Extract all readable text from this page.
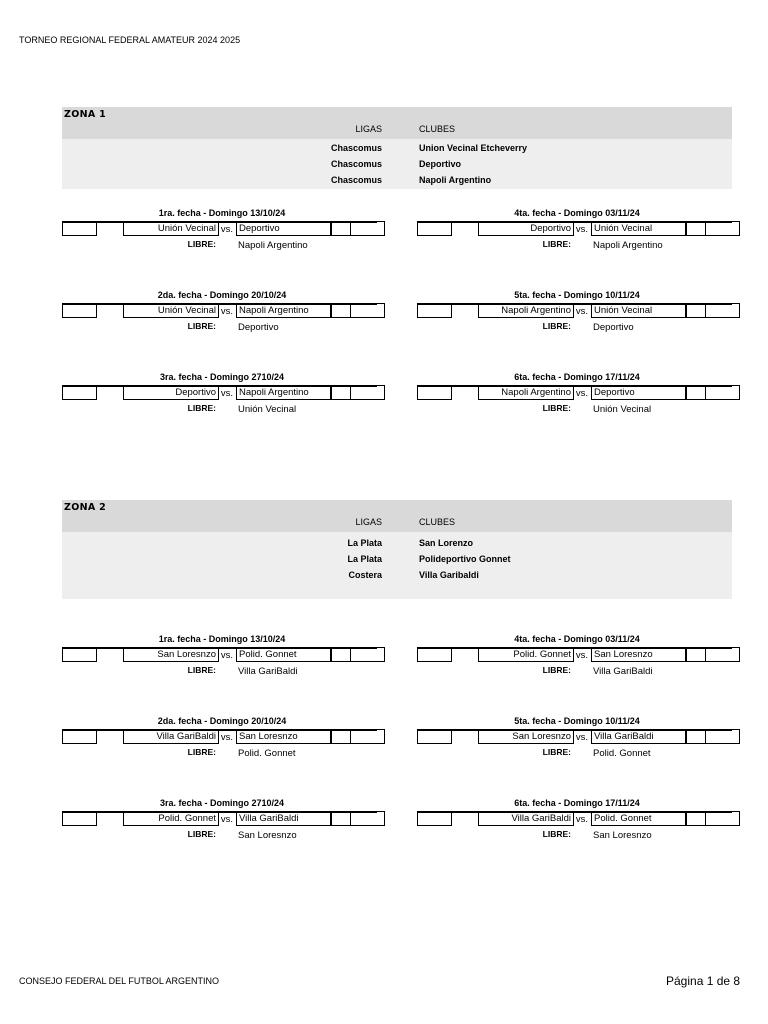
TORNEO REGIONAL FEDERAL AMATEUR 2024 2025
ZONA 1
LIGAS	CLUBES
Chascomus	Union Vecinal Etcheverry
Chascomus	Deportivo
Chascomus	Napoli Argentino
ZONA 2
LIGAS	CLUBES
La Plata	San Lorenzo
La Plata	Polideportivo Gonnet
Costera	Villa Garibaldi
1ra. fecha - Domingo 13/10/24
Unión Vecinal vs. Deportivo
LIBRE: Napoli Argentino
4ta. fecha - Domingo 03/11/24
Deportivo vs. Unión Vecinal
LIBRE: Napoli Argentino
2da. fecha - Domingo 20/10/24
Unión Vecinal vs. Napoli Argentino
LIBRE: Deportivo
5ta. fecha - Domingo 10/11/24
Napoli Argentino vs. Unión Vecinal
LIBRE: Deportivo
3ra. fecha - Domingo 2710/24
Deportivo vs. Napoli Argentino
LIBRE: Unión Vecinal
6ta. fecha - Domingo 17/11/24
Napoli Argentino vs. Deportivo
LIBRE: Unión Vecinal
1ra. fecha - Domingo 13/10/24
San Loresnzo vs. Polid. Gonnet
LIBRE: Villa GariBaldi
4ta. fecha - Domingo 03/11/24
Polid. Gonnet vs. San Loresnzo
LIBRE: Villa GariBaldi
2da. fecha - Domingo 20/10/24
Villa GariBaldi vs. San Loresnzo
LIBRE: Polid. Gonnet
5ta. fecha - Domingo 10/11/24
San Loresnzo vs. Villa GariBaldi
LIBRE: Polid. Gonnet
3ra. fecha - Domingo 2710/24
Polid. Gonnet vs. Villa GariBaldi
LIBRE: San Loresnzo
6ta. fecha - Domingo 17/11/24
Villa GariBaldi vs. Polid. Gonnet
LIBRE: San Loresnzo
CONSEJO FEDERAL DEL FUTBOL ARGENTINO	Página 1 de 8
